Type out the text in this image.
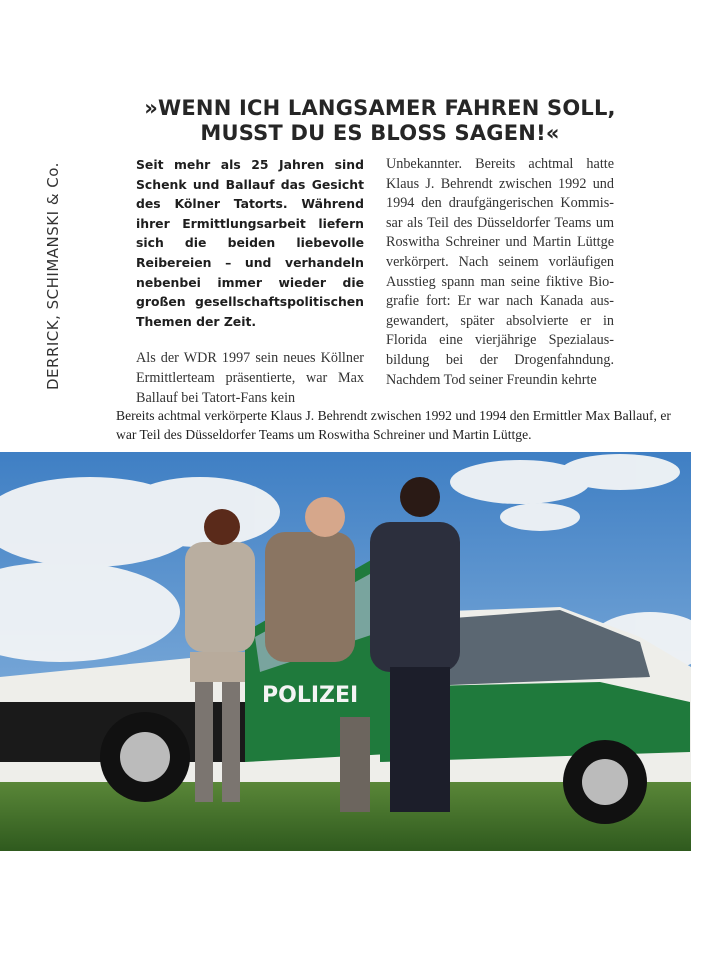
DERRICK, SCHIMANSKI & Co.
»WENN ICH LANGSAMER FAHREN SOLL, MUSST DU ES BLOSS SAGEN!«

Seit mehr als 25 Jahren sind Schenk und Ballauf das Gesicht des Kölner Tatorts. Während ihrer Ermittlungsarbeit liefern sich die beiden liebevolle Reibereien – und verhandeln nebenbei immer wieder die großen gesellschaftspolitischen Themen der Zeit.

Als der WDR 1997 sein neues Köllner Ermittlerteam präsentierte, war Max Ballauf bei Tatort-Fans kein

Unbekannter. Bereits achtmal hatte Klaus J. Behrendt zwischen 1992 und 1994 den draufgängerischen Kommissar als Teil des Düsseldorfer Teams um Roswitha Schreiner und Martin Lüttge verkörpert. Nach seinem vorläufigen Ausstieg spann man seine fiktive Biografie fort: Er war nach Kanada ausgewandert, später absolvierte er in Florida eine vierjährige Spezialausbildung bei der Drogenfahndung. Nachdem Tod seiner Freundin kehrte
Bereits achtmal verkörperte Klaus J. Behrendt zwischen 1992 und 1994 den Ermittler Max Ballauf, er war Teil des Düsseldorfer Teams um Roswitha Schreiner und Martin Lüttge.
POLIZEI
